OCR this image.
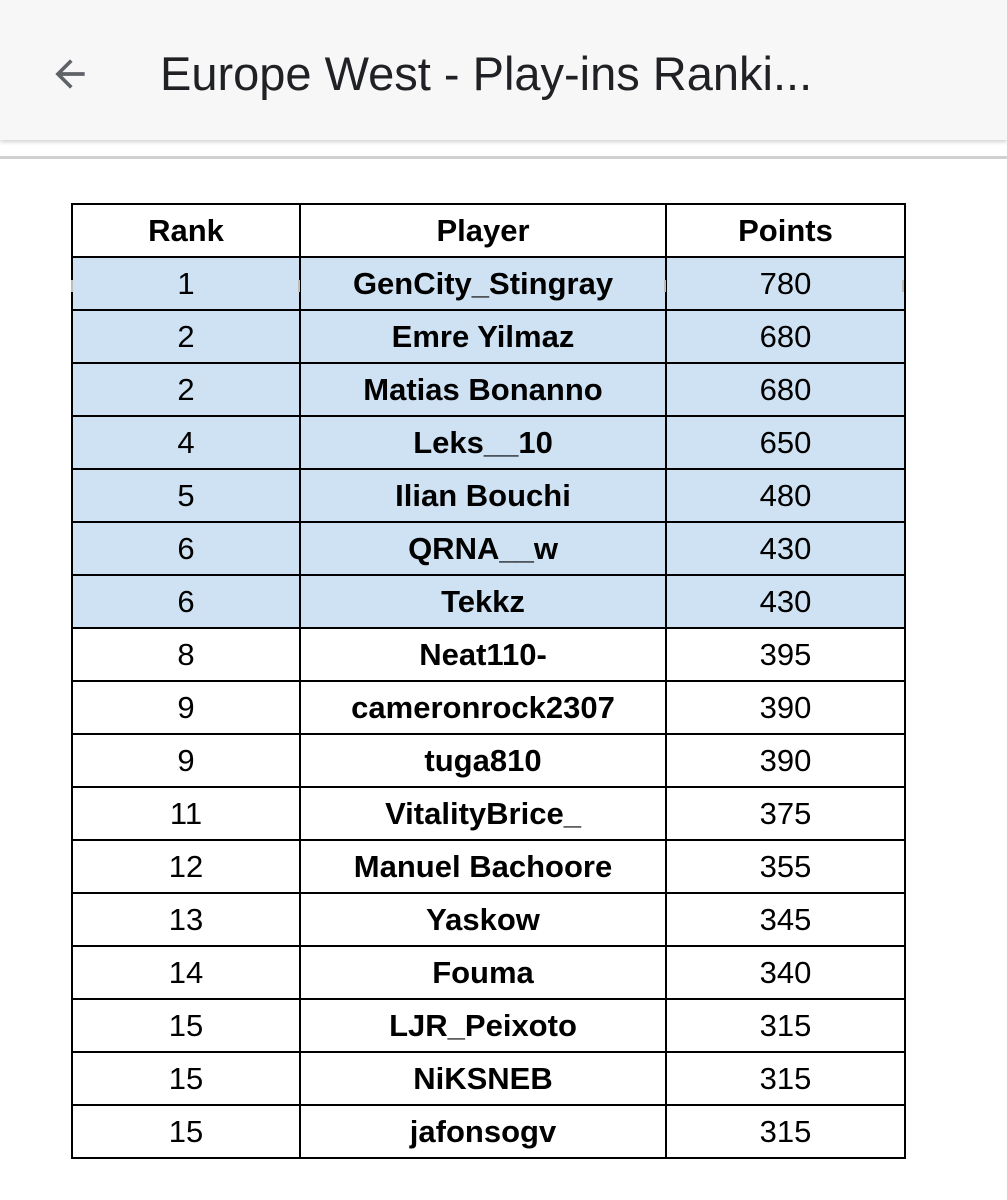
Europe West - Play-ins Ranki...
Rank	Player	Points
1	GenCity_Stingray	780
2	Emre Yilmaz	680
2	Matias Bonanno	680
4	Leks__10	650
5	Ilian Bouchi	480
6	QRNA__w	430
6	Tekkz	430
8	Neat110-	395
9	cameronrock2307	390
9	tuga810	390
11	VitalityBrice_	375
12	Manuel Bachoore	355
13	Yaskow	345
14	Fouma	340
15	LJR_Peixoto	315
15	NiKSNEB	315
15	jafonsogv	315
